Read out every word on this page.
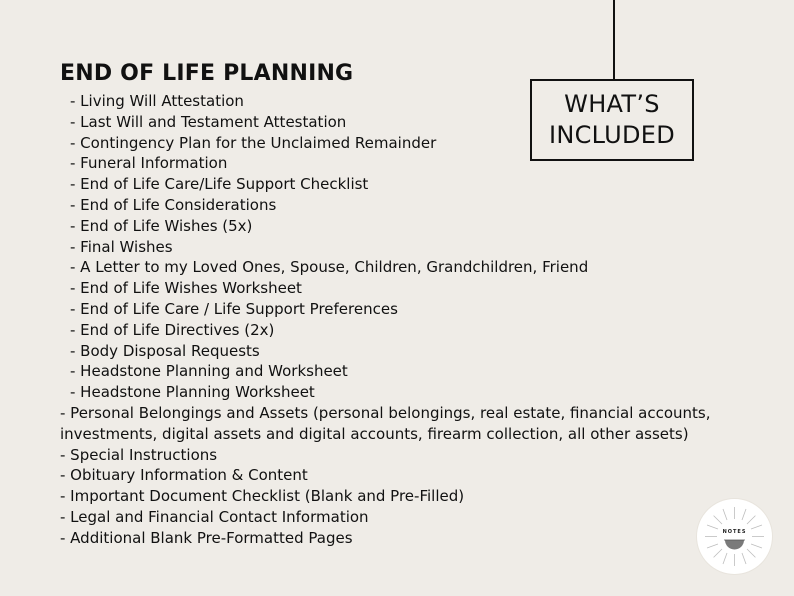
WHAT’S
INCLUDED
END OF LIFE PLANNING
- Living Will Attestation
- Last Will and Testament Attestation
- Contingency Plan for the Unclaimed Remainder
- Funeral Information
- End of Life Care/Life Support Checklist
- End of Life Considerations
- End of Life Wishes (5x)
- Final Wishes
- A Letter to my Loved Ones, Spouse, Children, Grandchildren, Friend
- End of Life Wishes Worksheet
- End of Life Care / Life Support Preferences
- End of Life Directives (2x)
- Body Disposal Requests
- Headstone Planning and Worksheet
- Headstone Planning Worksheet
- Personal Belongings and Assets (personal belongings, real estate, financial accounts, investments, digital assets and digital accounts, firearm collection, all other assets)
- Special Instructions
- Obituary Information & Content
- Important Document Checklist (Blank and Pre-Filled)
- Legal and Financial Contact Information
- Additional Blank Pre-Formatted Pages	NOTES
